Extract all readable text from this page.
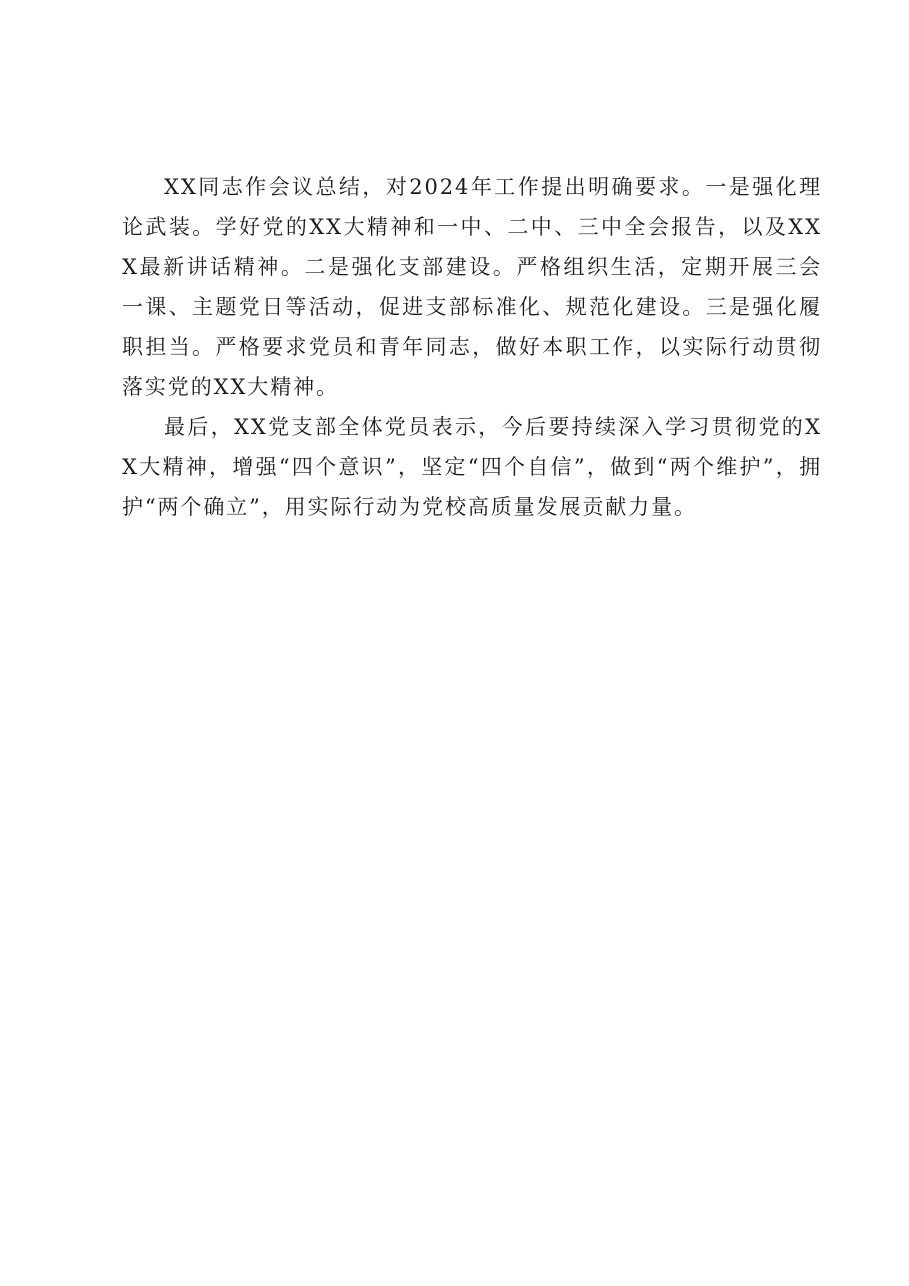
XX同志作会议总结，对2024年工作提出明确要求。一是强化理论武装。学好党的XX大精神和一中、二中、三中全会报告，以及XXX最新讲话精神。二是强化支部建设。严格组织生活，定期开展三会一课、主题党日等活动，促进支部标准化、规范化建设。三是强化履职担当。严格要求党员和青年同志，做好本职工作，以实际行动贯彻落实党的XX大精神。

最后，XX党支部全体党员表示，今后要持续深入学习贯彻党的XX大精神，增强“四个意识”，坚定“四个自信”，做到“两个维护”，拥护“两个确立”，用实际行动为党校高质量发展贡献力量。
